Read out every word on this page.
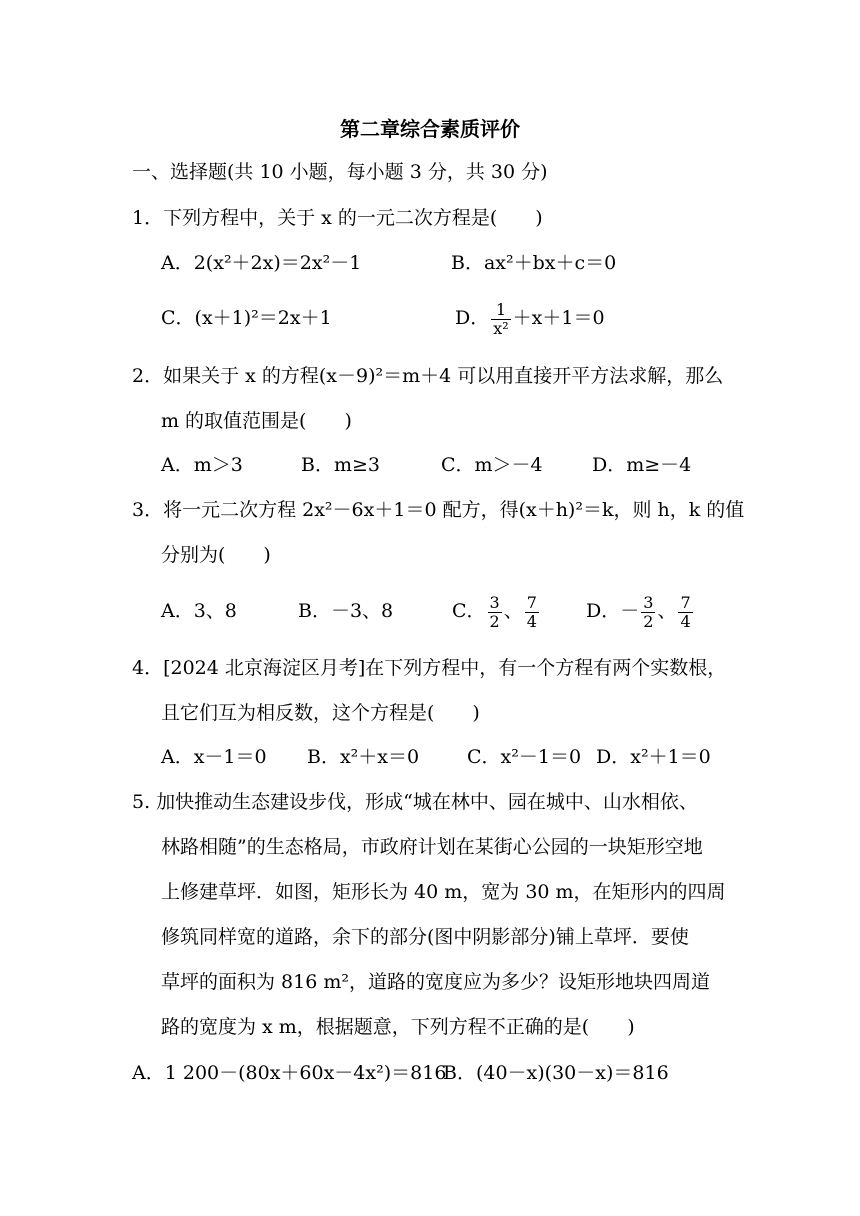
第二章综合素质评价
一、选择题(共 10 小题，每小题 3 分，共 30 分)
1．下列方程中，关于 x 的一元二次方程是(　　)
A．2(x²＋2x)＝2x²－1	B．ax²＋bx＋c＝0
C．(x＋1)²＝2x＋1	D． $\frac{1}{\text{x²}} +x+1=0$
2．如果关于 x 的方程(x－9)²＝m＋4 可以用直接开平方法求解，那么
m 的取值范围是(　　)
A．m＞3	B．m≥3	C．m＞－4	D．m≥－4
3．将一元二次方程 2x²－6x＋1＝0 配方，得(x＋h)²＝k，则 h，k 的值
分别为(　　)
A．3、8	B．－3、8	C． $\frac{3}{2}$ 、 $\frac{7}{4}$ D．－ $\frac{3}{2}$ 、 $\frac{7}{4}$
4．[2024 北京海淀区月考]在下列方程中，有一个方程有两个实数根，
且它们互为相反数，这个方程是(　　)
A．x－1＝0 B．x²＋x＝0	C．x²－1＝0 D．x²＋1＝0
5. 加快推动生态建设步伐，形成“城在林中、园在城中、山水相依、
林路相随”的生态格局，市政府计划在某街心公园的一块矩形空地
上修建草坪．如图，矩形长为 40 m，宽为 30 m，在矩形内的四周
修筑同样宽的道路，余下的部分(图中阴影部分)铺上草坪．要使
草坪的面积为 816 m²，道路的宽度应为多少？设矩形地块四周道
路的宽度为 x m，根据题意，下列方程不正确的是(　　)
A．1 200－(80x＋60x－4x²)＝816
B．(40－x)(30－x)＝816
